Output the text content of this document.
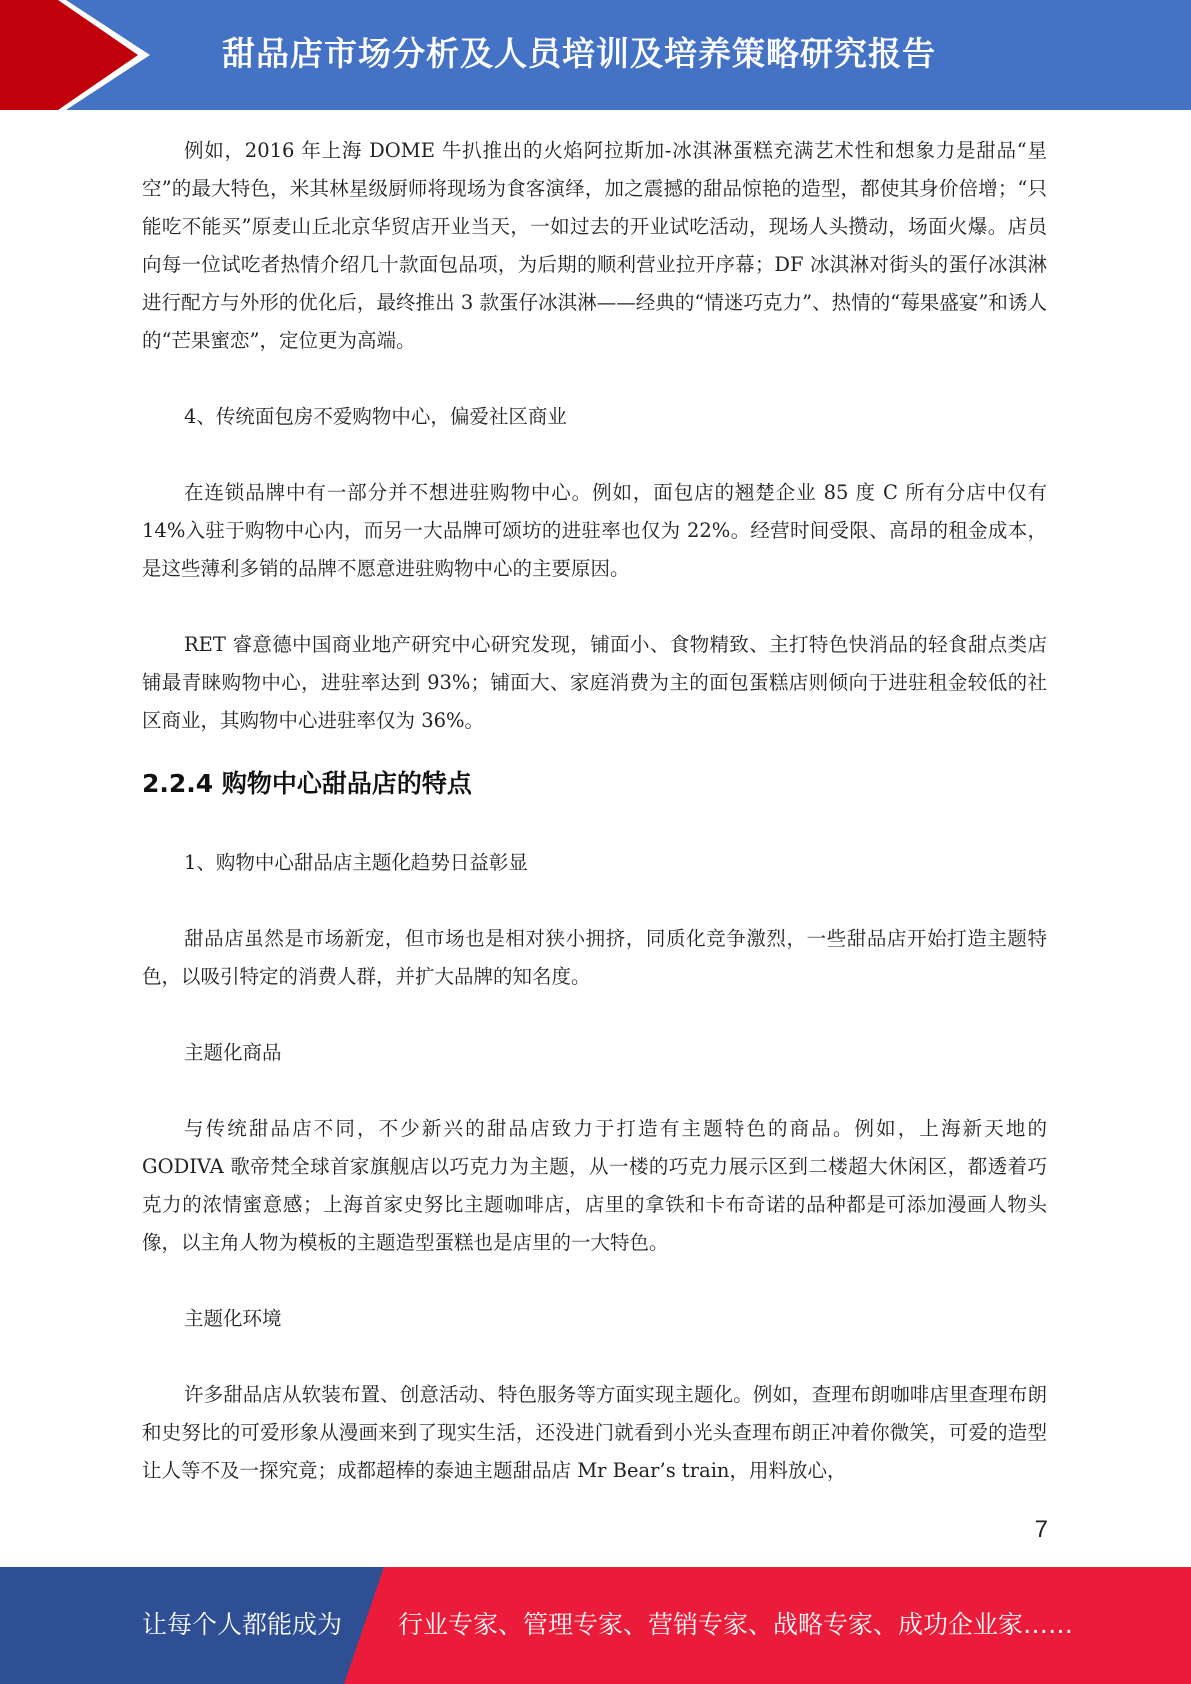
甜品店市场分析及人员培训及培养策略研究报告

例如，2016 年上海 DOME 牛扒推出的火焰阿拉斯加-冰淇淋蛋糕充满艺术性和想象力是甜品“星空”的最大特色，米其林星级厨师将现场为食客演绎，加之震撼的甜品惊艳的造型，都使其身价倍增；“只能吃不能买”原麦山丘北京华贸店开业当天，一如过去的开业试吃活动，现场人头攒动，场面火爆。店员向每一位试吃者热情介绍几十款面包品项，为后期的顺利营业拉开序幕；DF 冰淇淋对街头的蛋仔冰淇淋进行配方与外形的优化后，最终推出 3 款蛋仔冰淇淋——经典的“情迷巧克力”、热情的“莓果盛宴”和诱人的“芒果蜜恋”，定位更为高端。

4、传统面包房不爱购物中心，偏爱社区商业

在连锁品牌中有一部分并不想进驻购物中心。例如，面包店的翘楚企业 85 度 C 所有分店中仅有 14%入驻于购物中心内，而另一大品牌可颂坊的进驻率也仅为 22%。经营时间受限、高昂的租金成本，是这些薄利多销的品牌不愿意进驻购物中心的主要原因。

RET 睿意德中国商业地产研究中心研究发现，铺面小、食物精致、主打特色快消品的轻食甜点类店铺最青睐购物中心，进驻率达到 93%；铺面大、家庭消费为主的面包蛋糕店则倾向于进驻租金较低的社区商业，其购物中心进驻率仅为 36%。

2.2.4 购物中心甜品店的特点

1、购物中心甜品店主题化趋势日益彰显

甜品店虽然是市场新宠，但市场也是相对狭小拥挤，同质化竞争激烈，一些甜品店开始打造主题特色，以吸引特定的消费人群，并扩大品牌的知名度。

主题化商品

与传统甜品店不同，不少新兴的甜品店致力于打造有主题特色的商品。例如，上海新天地的 GODIVA 歌帝梵全球首家旗舰店以巧克力为主题，从一楼的巧克力展示区到二楼超大休闲区，都透着巧克力的浓情蜜意感；上海首家史努比主题咖啡店，店里的拿铁和卡布奇诺的品种都是可添加漫画人物头像，以主角人物为模板的主题造型蛋糕也是店里的一大特色。

主题化环境

许多甜品店从软装布置、创意活动、特色服务等方面实现主题化。例如，查理布朗咖啡店里查理布朗和史努比的可爱形象从漫画来到了现实生活，还没进门就看到小光头查理布朗正冲着你微笑，可爱的造型让人等不及一探究竟；成都超棒的泰迪主题甜品店 Mr Bear’s train，用料放心，

7
让每个人都能成为 行业专家、管理专家、营销专家、战略专家、成功企业家……
